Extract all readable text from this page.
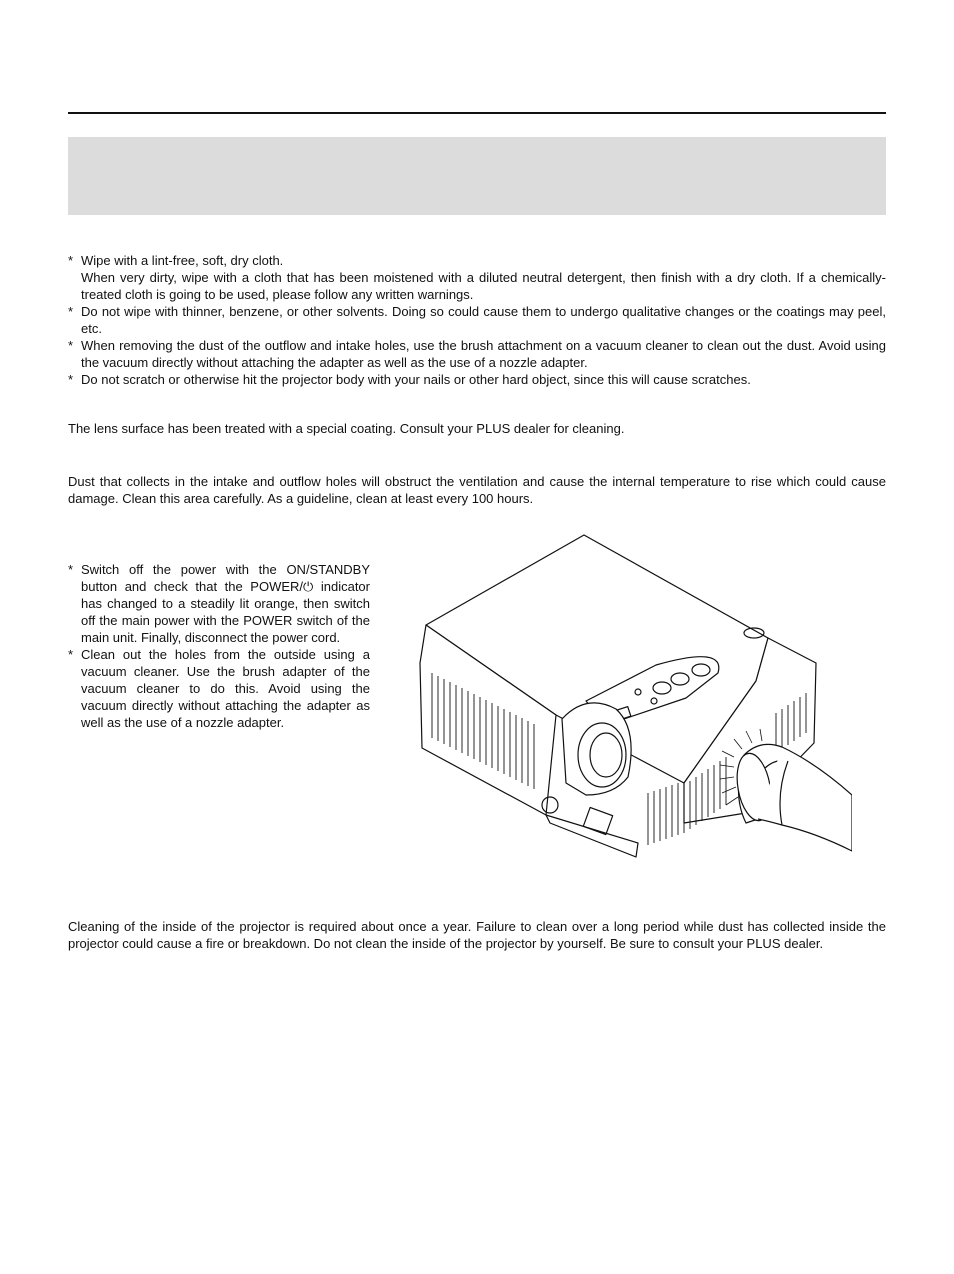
* Wipe with a lint-free, soft, dry cloth.
When very dirty, wipe with a cloth that has been moistened with a diluted neutral detergent, then finish with a dry cloth. If a chemically-treated cloth is going to be used, please follow any written warnings.
* Do not wipe with thinner, benzene, or other solvents. Doing so could cause them to undergo qualitative changes or the coatings may peel, etc.
* When removing the dust of the outflow and intake holes, use the brush attachment on a vacuum cleaner to clean out the dust. Avoid using the vacuum directly without attaching the adapter as well as the use of a nozzle adapter.
* Do not scratch or otherwise hit the projector body with your nails or other hard object, since this will cause scratches.

The lens surface has been treated with a special coating. Consult your PLUS dealer for cleaning.

Dust that collects in the intake and outflow holes will obstruct the ventilation and cause the internal temperature to rise which could cause damage. Clean this area carefully. As a guideline, clean at least every 100 hours.

* Switch off the power with the ON/STANDBY button and check that the POWER/⏻ indicator has changed to a steadily lit orange, then switch off the main power with the POWER switch of the main unit. Finally, disconnect the power cord.
* Clean out the holes from the outside using a vacuum cleaner. Use the brush adapter of the vacuum cleaner to do this. Avoid using the vacuum directly without attaching the adapter as well as the use of a nozzle adapter.

Cleaning of the inside of the projector is required about once a year. Failure to clean over a long period while dust has collected inside the projector could cause a fire or breakdown. Do not clean the inside of the projector by yourself. Be sure to consult your PLUS dealer.
